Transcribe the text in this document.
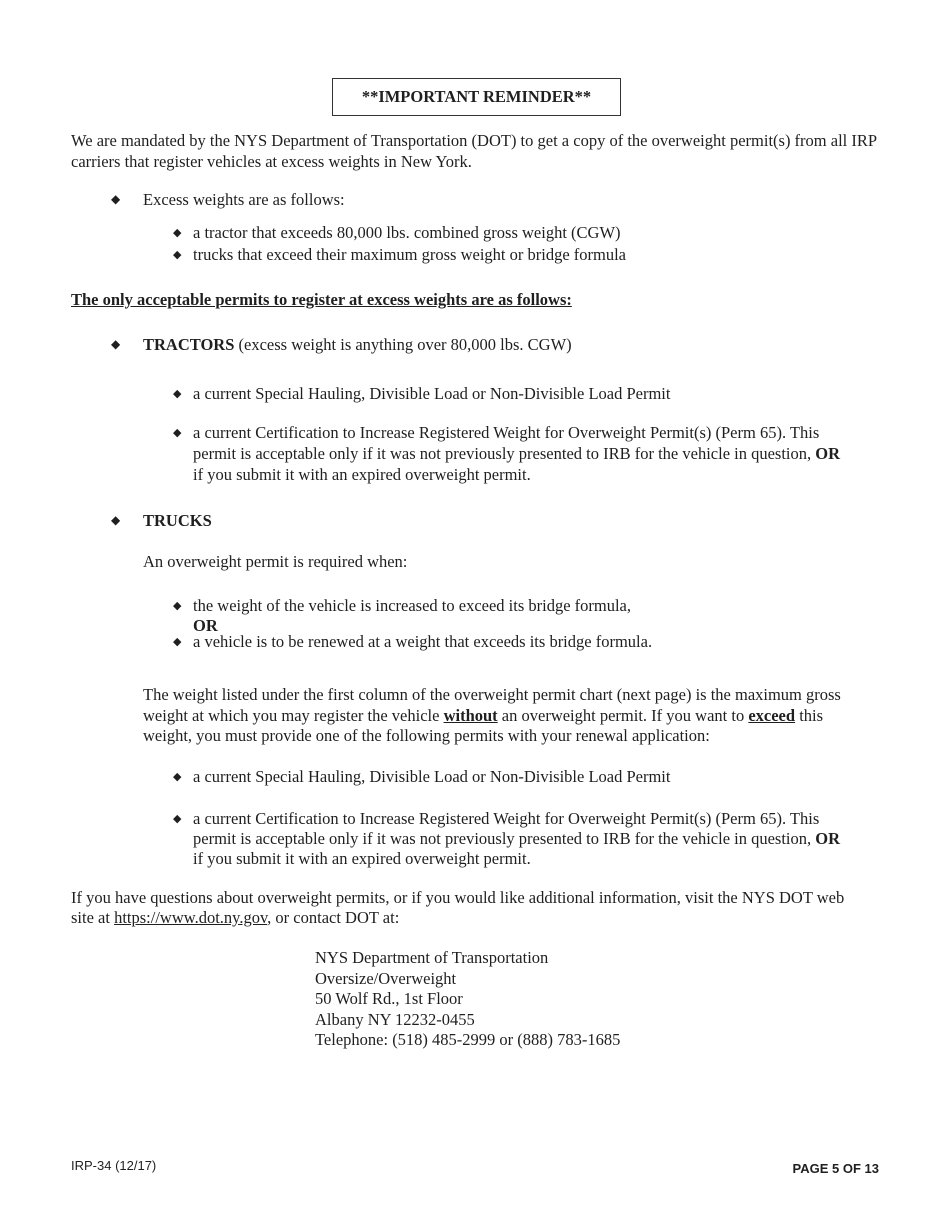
**IMPORTANT REMINDER**
We are mandated by the NYS Department of Transportation (DOT) to get a copy of the overweight permit(s) from all IRP carriers that register vehicles at excess weights in New York.
◆ Excess weights are as follows:
◆ a tractor that exceeds 80,000 lbs. combined gross weight (CGW)
◆ trucks that exceed their maximum gross weight or bridge formula
The only acceptable permits to register at excess weights are as follows:
◆ TRACTORS (excess weight is anything over 80,000 lbs. CGW)
◆ a current Special Hauling, Divisible Load or Non-Divisible Load Permit
◆ a current Certification to Increase Registered Weight for Overweight Permit(s) (Perm 65). This
permit is acceptable only if it was not previously presented to IRB for the vehicle in question, OR
if you submit it with an expired overweight permit.
◆ TRUCKS
An overweight permit is required when:
◆ the weight of the vehicle is increased to exceed its bridge formula,
OR
◆ a vehicle is to be renewed at a weight that exceeds its bridge formula.
The weight listed under the first column of the overweight permit chart (next page) is the maximum gross
weight at which you may register the vehicle without an overweight permit. If you want to exceed this
weight, you must provide one of the following permits with your renewal application:
◆ a current Special Hauling, Divisible Load or Non-Divisible Load Permit
◆ a current Certification to Increase Registered Weight for Overweight Permit(s) (Perm 65). This
permit is acceptable only if it was not previously presented to IRB for the vehicle in question, OR
if you submit it with an expired overweight permit.
If you have questions about overweight permits, or if you would like additional information, visit the NYS DOT web
site at https://www.dot.ny.gov, or contact DOT at:
NYS Department of Transportation
Oversize/Overweight
50 Wolf Rd., 1st Floor
Albany NY 12232-0455
Telephone: (518) 485-2999 or (888) 783-1685
IRP-34 (12/17)	PAGE 5 OF 13
